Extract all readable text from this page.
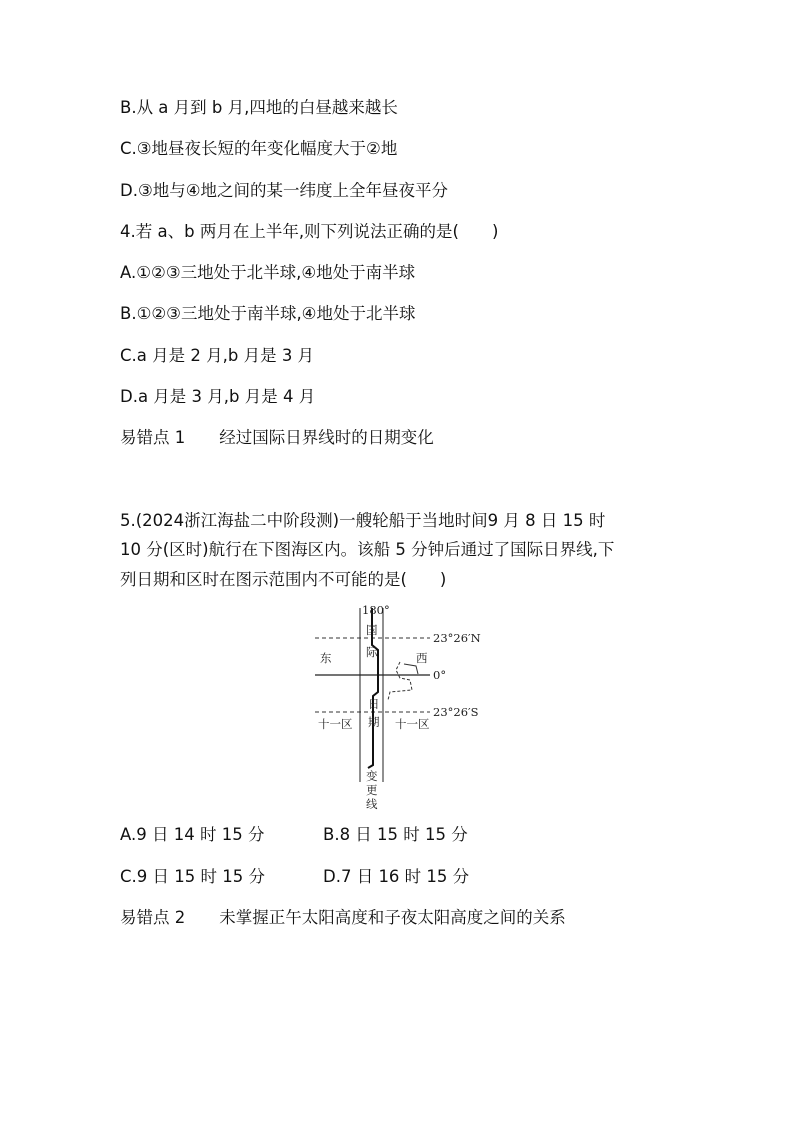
B.从 a 月到 b 月,四地的白昼越来越长
C.③地昼夜长短的年变化幅度大于②地
D.③地与④地之间的某一纬度上全年昼夜平分
4.若 a、b 两月在上半年,则下列说法正确的是(　　)
A.①②③三地处于北半球,④地处于南半球
B.①②③三地处于南半球,④地处于北半球
C.a 月是 2 月,b 月是 3 月
D.a 月是 3 月,b 月是 4 月
易错点 1 经过国际日界线时的日期变化
5.(2024浙江海盐二中阶段测)一艘轮船于当地时间9 月 8 日 15 时
10 分(区时)航行在下图海区内。该船 5 分钟后通过了国际日界线,下
列日期和区时在图示范围内不可能的是(　　)
180°
国
际
日
期
变
更
线
23°26′N
0°
23°26′S
东	西
十一区	十一区
A.9 日 14 时 15 分	B.8 日 15 时 15 分
C.9 日 15 时 15 分	D.7 日 16 时 15 分
易错点 2 未掌握正午太阳高度和子夜太阳高度之间的关系
